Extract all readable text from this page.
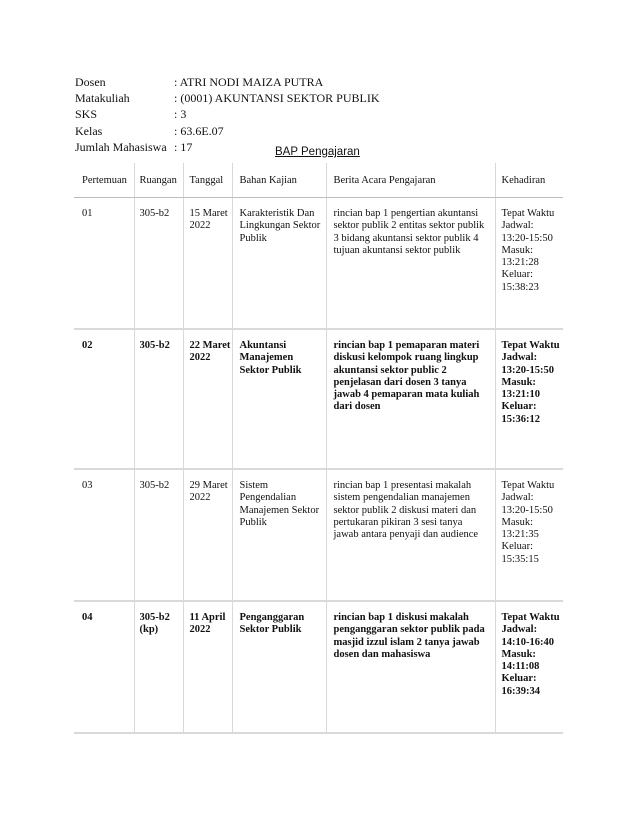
Dosen	: ATRI NODI MAIZA PUTRA
Matakuliah	: (0001) AKUNTANSI SEKTOR PUBLIK
SKS	: 3
Kelas	: 63.6E.07
Jumlah Mahasiswa : 17	BAP Pengajaran
Pertemuan	Ruangan	Tanggal	Bahan Kajian	Berita Acara Pengajaran	Kehadiran
01	305-b2	15 Maret 2022	Karakteristik Dan Lingkungan Sektor Publik	rincian bap 1 pengertian akuntansi sektor publik 2 entitas sektor publik 3 bidang akuntansi sektor publik 4 tujuan akuntansi sektor publik	Tepat Waktu Jadwal: 13:20-15:50 Masuk: 13:21:28 Keluar: 15:38:23
02	305-b2	22 Maret 2022	Akuntansi Manajemen Sektor Publik	rincian bap 1 pemaparan materi diskusi kelompok ruang lingkup akuntansi sektor public 2 penjelasan dari dosen 3 tanya jawab 4 pemaparan mata kuliah dari dosen	Tepat Waktu Jadwal: 13:20-15:50 Masuk: 13:21:10 Keluar: 15:36:12
03	305-b2	29 Maret 2022	Sistem Pengendalian Manajemen Sektor Publik	rincian bap 1 presentasi makalah sistem pengendalian manajemen sektor publik 2 diskusi materi dan pertukaran pikiran 3 sesi tanya jawab antara penyaji dan audience	Tepat Waktu Jadwal: 13:20-15:50 Masuk: 13:21:35 Keluar: 15:35:15
04	305-b2 (kp)	11 April 2022	Penganggaran Sektor Publik	rincian bap 1 diskusi makalah penganggaran sektor publik pada masjid izzul islam 2 tanya jawab dosen dan mahasiswa	Tepat Waktu Jadwal: 14:10-16:40 Masuk: 14:11:08 Keluar: 16:39:34
